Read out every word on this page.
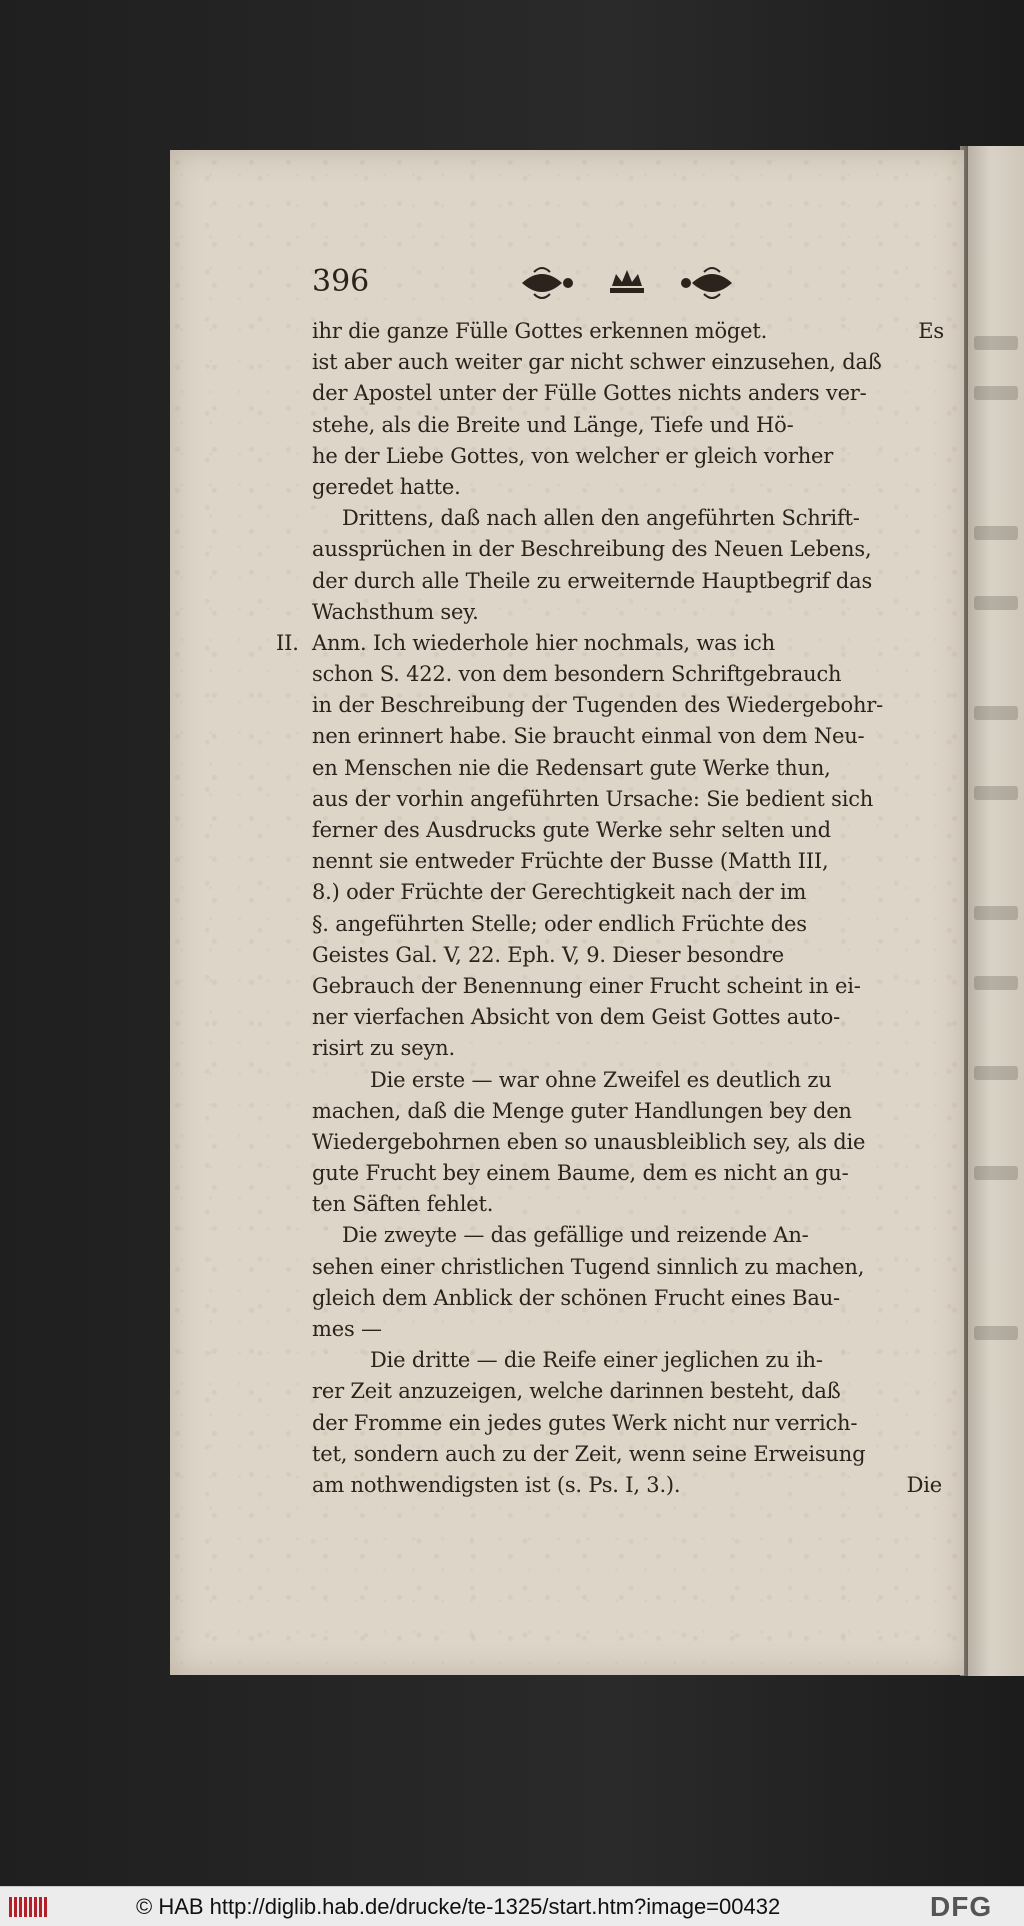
396
ihr die ganze Fülle Gottes erkennen möget.	Es
ist aber auch weiter gar nicht schwer einzusehen, daß
der Apostel unter der Fülle Gottes nichts anders ver-
stehe, als die Breite und Länge, Tiefe und Hö-
he der Liebe Gottes, von welcher er gleich vorher
geredet hatte.
Drittens, daß nach allen den angeführten Schrift-
aussprüchen in der Beschreibung des Neuen Lebens,
der durch alle Theile zu erweiternde Hauptbegrif das
Wachsthum sey.
II. Anm. Ich wiederhole hier nochmals, was ich
schon S. 422. von dem besondern Schriftgebrauch
in der Beschreibung der Tugenden des Wiedergebohr-
nen erinnert habe. Sie braucht einmal von dem Neu-
en Menschen nie die Redensart gute Werke thun,
aus der vorhin angeführten Ursache: Sie bedient sich
ferner des Ausdrucks gute Werke sehr selten und
nennt sie entweder Früchte der Busse (Matth III,
8.) oder Früchte der Gerechtigkeit nach der im
§. angeführten Stelle; oder endlich Früchte des
Geistes Gal. V, 22. Eph. V, 9. Dieser besondre
Gebrauch der Benennung einer Frucht scheint in ei-
ner vierfachen Absicht von dem Geist Gottes auto-
risirt zu seyn.
Die erste — war ohne Zweifel es deutlich zu
machen, daß die Menge guter Handlungen bey den
Wiedergebohrnen eben so unausbleiblich sey, als die
gute Frucht bey einem Baume, dem es nicht an gu-
ten Säften fehlet.
Die zweyte — das gefällige und reizende An-
sehen einer christlichen Tugend sinnlich zu machen,
gleich dem Anblick der schönen Frucht eines Bau-
mes —
Die dritte — die Reife einer jeglichen zu ih-
rer Zeit anzuzeigen, welche darinnen besteht, daß
der Fromme ein jedes gutes Werk nicht nur verrich-
tet, sondern auch zu der Zeit, wenn seine Erweisung
am nothwendigsten ist (s. Ps. I, 3.).	Die
© HAB http://diglib.hab.de/drucke/te-1325/start.htm?image=00432	DFG
